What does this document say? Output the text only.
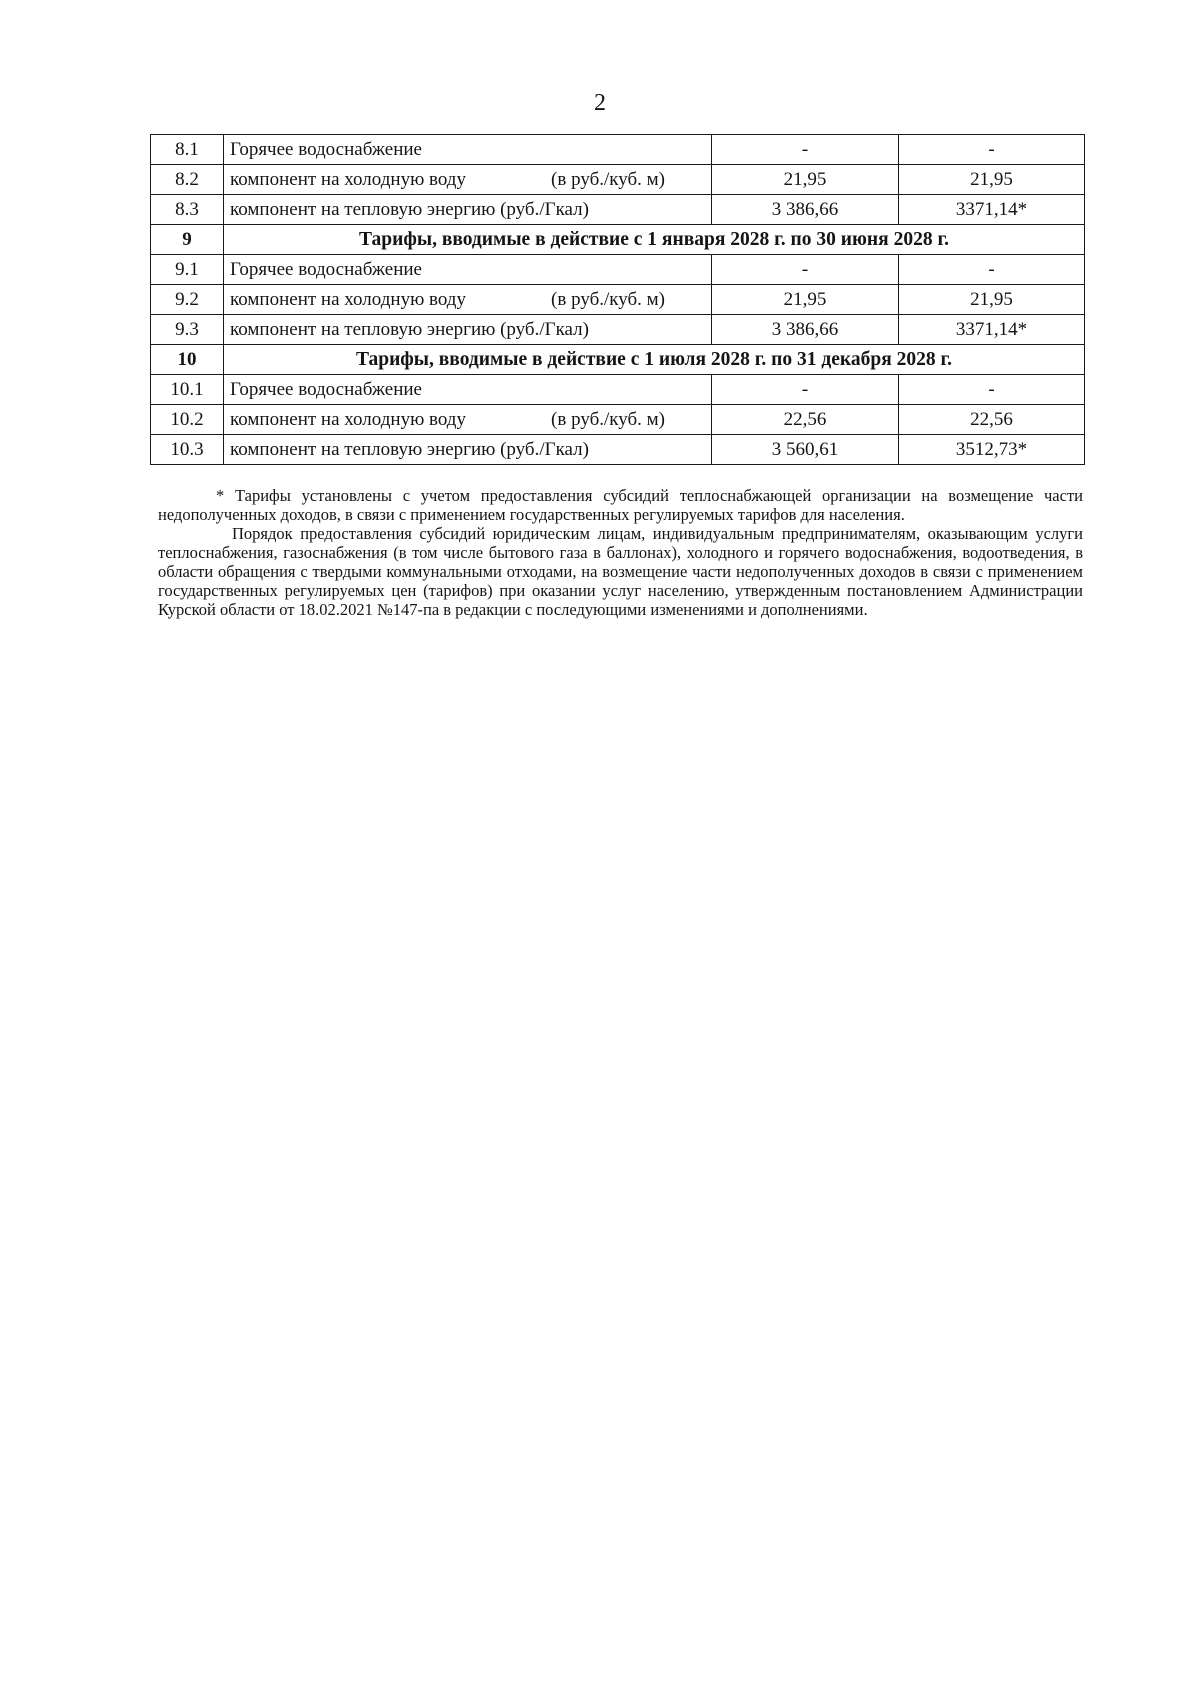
2
8.1	Горячее водоснабжение	-	-
8.2	компонент на холодную воду (в руб./куб. м)	21,95	21,95
8.3	компонент на тепловую энергию (руб./Гкал)	3 386,66	3371,14*
9	Тарифы, вводимые в действие с 1 января 2028 г. по 30 июня 2028 г.		
9.1	Горячее водоснабжение	-	-
9.2	компонент на холодную воду (в руб./куб. м)	21,95	21,95
9.3	компонент на тепловую энергию (руб./Гкал)	3 386,66	3371,14*
10	Тарифы, вводимые в действие с 1 июля 2028 г. по 31 декабря 2028 г.		
10.1	Горячее водоснабжение	-	-
10.2	компонент на холодную воду (в руб./куб. м)	22,56	22,56
10.3	компонент на тепловую энергию (руб./Гкал)	3 560,61	3512,73*

* Тарифы установлены с учетом предоставления субсидий теплоснабжающей организации на возмещение части недополученных доходов, в связи с применением государственных регулируемых тарифов для населения.

Порядок предоставления субсидий юридическим лицам, индивидуальным предпринимателям, оказывающим услуги теплоснабжения, газоснабжения (в том числе бытового газа в баллонах), холодного и горячего водоснабжения, водоотведения, в области обращения с твердыми коммунальными отходами, на возмещение части недополученных доходов в связи с применением государственных регулируемых цен (тарифов) при оказании услуг населению, утвержденным постановлением Администрации Курской области от 18.02.2021 №147-па в редакции с последующими изменениями и дополнениями.
